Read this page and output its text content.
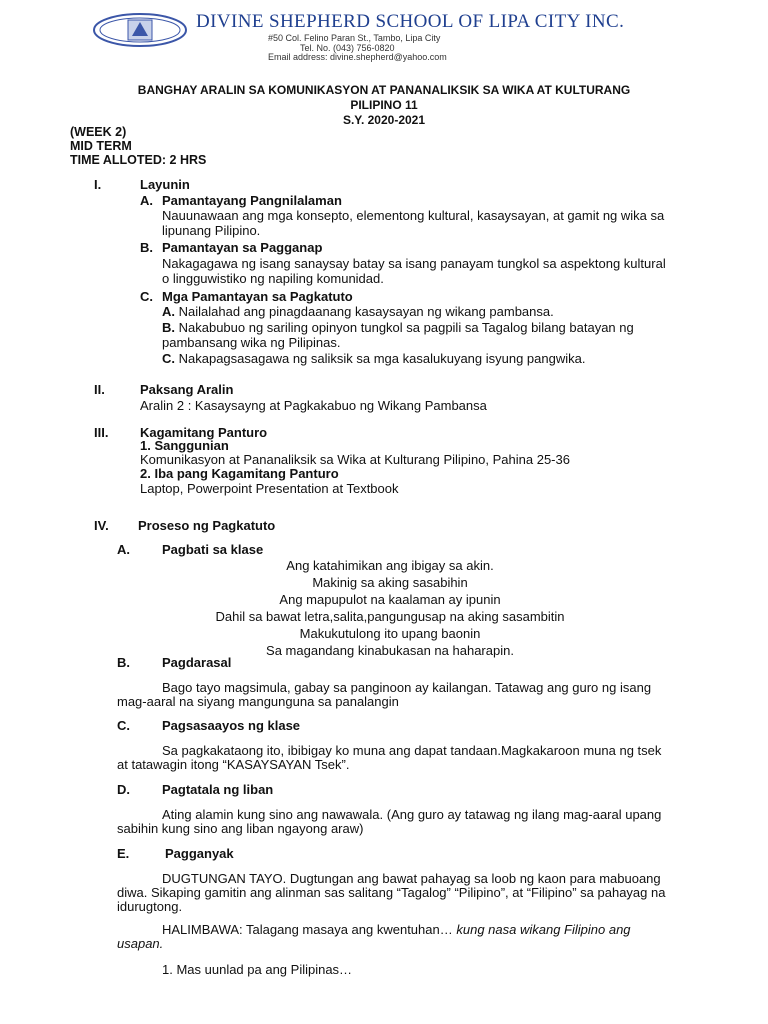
DIVINE SHEPHERD SCHOOL OF LIPA CITY INC.
#50 Col. Felino Paran St., Tambo, Lipa City
Tel. No. (043) 756-0820
Email address: divine.shepherd@yahoo.com
BANGHAY ARALIN SA KOMUNIKASYON AT PANANALIKSIK SA WIKA AT KULTURANG
PILIPINO 11
S.Y. 2020-2021
(WEEK 2)
MID TERM
TIME ALLOTED: 2 HRS
I.	Layunin
A. Pamantayang Pangnilalaman
Nauunawaan ang mga konsepto, elementong kultural, kasaysayan, at gamit ng wika sa
lipunang Pilipino.
B. Pamantayan sa Pagganap
Nakagagawa ng isang sanaysay batay sa isang panayam tungkol sa aspektong kultural
o lingguwistiko ng napiling komunidad.
C. Mga Pamantayan sa Pagkatuto
A. Nailalahad ang pinagdaanang kasaysayan ng wikang pambansa.
B. Nakabubuo ng sariling opinyon tungkol sa pagpili sa Tagalog bilang batayan ng
pambansang wika ng Pilipinas.
C. Nakapagsasagawa ng saliksik sa mga kasalukuyang isyung pangwika.
II.	Paksang Aralin
Aralin 2 : Kasaysayng at Pagkakabuo ng Wikang Pambansa
III. Kagamitang Panturo
1. Sanggunian
Komunikasyon at Pananaliksik sa Wika at Kulturang Pilipino, Pahina 25-36
2. Iba pang Kagamitang Panturo
Laptop, Powerpoint Presentation at Textbook
IV. Proseso ng Pagkatuto
A. Pagbati sa klase
Ang katahimikan ang ibigay sa akin.
Makinig sa aking sasabihin
Ang mapupulot na kaalaman ay ipunin
Dahil sa bawat letra,salita,pangungusap na aking sasambitin
Makukutulong ito upang baonin
Sa magandang kinabukasan na haharapin.
B. Pagdarasal
Bago tayo magsimula, gabay sa panginoon ay kailangan. Tatawag ang guro ng isang
mag-aaral na siyang mangunguna sa panalangin
C. Pagsasaayos ng klase
Sa pagkakataong ito, ibibigay ko muna ang dapat tandaan.Magkakaroon muna ng tsek
at tatawagin itong “KASAYSAYAN Tsek”.
D. Pagtatala ng liban
Ating alamin kung sino ang nawawala. (Ang guro ay tatawag ng ilang mag-aaral upang
sabihin kung sino ang liban ngayong araw)
E.	Pagganyak
DUGTUNGAN TAYO. Dugtungan ang bawat pahayag sa loob ng kaon para mabuoang
diwa. Sikaping gamitin ang alinman sas salitang “Tagalog” “Pilipino”, at “Filipino” sa pahayag na
idurugtong.
HALIMBAWA: Talagang masaya ang kwentuhan… kung nasa wikang Filipino ang
usapan.
1. Mas uunlad pa ang Pilipinas…
